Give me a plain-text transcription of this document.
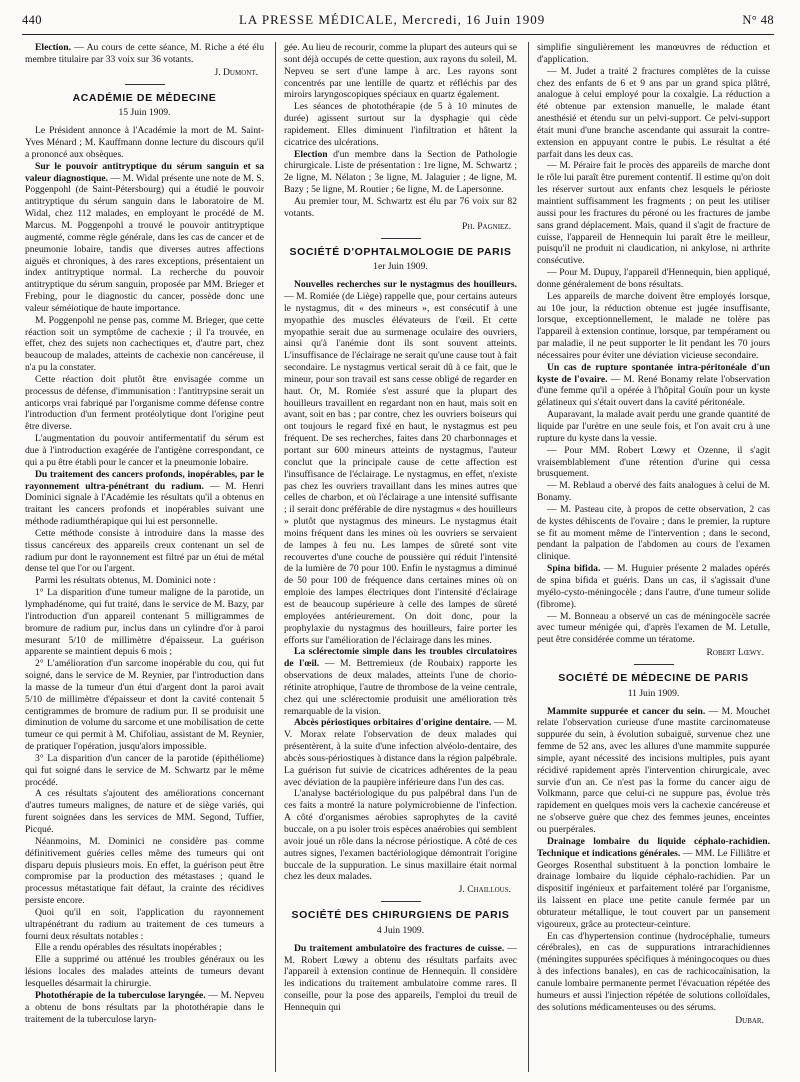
440	LA PRESSE MÉDICALE, Mercredi, 16 Juin 1909	N° 48

Election. — Au cours de cette séance, M. Riche a été élu membre titulaire par 33 voix sur 36 votants.

J. Dumont.
ACADÉMIE DE MÉDECINE
15 Juin 1909.

Le Président annonce à l'Académie la mort de M. Saint-Yves Ménard ; M. Kauffmann donne lecture du discours qu'il a prononcé aux obsèques.

Sur le pouvoir antitryptique du sérum sanguin et sa valeur diagnostique. — M. Widal présente une note de M. S. Poggenpohl (de Saint-Pétersbourg) qui a étudié le pouvoir antitryptique du sérum sanguin dans le laboratoire de M. Widal, chez 112 malades, en employant le procédé de M. Marcus. M. Poggenpohl a trouvé le pouvoir antitryptique augmenté, comme règle générale, dans les cas de cancer et de pneumonie lobaire, tandis que diverses autres affections aiguës et chroniques, à des rares exceptions, présentaient un index antitryptique normal. La recherche du pouvoir antitryptique du sérum sanguin, proposée par MM. Brieger et Frebing, pour le diagnostic du cancer, possède donc une valeur séméiotique de haute importance.

M. Poggenpohl ne pense pas, comme M. Brieger, que cette réaction soit un symptôme de cachexie ; il l'a trouvée, en effet, chez des sujets non cachectiques et, d'autre part, chez beaucoup de malades, atteints de cachexie non cancéreuse, il n'a pu la constater.

Cette réaction doit plutôt être envisagée comme un processus de défense, d'immunisation : l'antitrypsine serait un anticorps vrai fabriqué par l'organisme comme défense contre l'introduction d'un ferment protéolytique dont l'origine peut être diverse.

L'augmentation du pouvoir antifermentatif du sérum est due à l'introduction exagérée de l'antigène correspondant, ce qui a pu être établi pour le cancer et la pneumonie lobaire.

Du traitement des cancers profonds, inopérables, par le rayonnement ultra-pénétrant du radium. — M. Henri Dominici signale à l'Académie les résultats qu'il a obtenus en traitant les cancers profonds et inopérables suivant une méthode radiumthérapique qui lui est personnelle.

Cette méthode consiste à introduire dans la masse des tissus cancéreux des appareils creux contenant un sel de radium pur dont le rayonnement est filtré par un étui de métal dense tel que l'or ou l'argent.

Parmi les résultats obtenus, M. Dominici note :

1° La disparition d'une tumeur maligne de la parotide, un lymphadénome, qui fut traité, dans le service de M. Bazy, par l'introduction d'un appareil contenant 5 milligrammes de bromure de radium pur, inclus dans un cylindre d'or à paroi mesurant 5/10 de millimètre d'épaisseur. La guérison apparente se maintient depuis 6 mois ;

2° L'amélioration d'un sarcome inopérable du cou, qui fut soigné, dans le service de M. Reynier, par l'introduction dans la masse de la tumeur d'un étui d'argent dont la paroi avait 5/10 de millimètre d'épaisseur et dont la cavité contenait 5 centigrammes de bromure de radium pur. Il se produisit une diminution de volume du sarcome et une mobilisation de cette tumeur ce qui permit à M. Chifoliau, assistant de M. Reynier, de pratiquer l'opération, jusqu'alors impossible.

3° La disparition d'un cancer de la parotide (épithéliome) qui fut soigné dans le service de M. Schwartz par le même procédé.

A ces résultats s'ajoutent des améliorations concernant d'autres tumeurs malignes, de nature et de siège variés, qui furent soignées dans les services de MM. Segond, Tuffier, Picqué.

Néanmoins, M. Dominici ne considère pas comme définitivement guéries celles même des tumeurs qui ont disparu depuis plusieurs mois. En effet, la guérison peut être compromise par la production des métastases ; quand le processus métastatique fait défaut, la crainte des récidives persiste encore.

Quoi qu'il en soit, l'application du rayonnement ultrapénétrant du radium au traitement de ces tumeurs a fourni deux résultats notables :

Elle a rendu opérables des résultats inopérables ;

Elle a supprimé ou atténué les troubles généraux ou les lésions locales des malades atteints de tumeurs devant lesquelles désarmait la chirurgie.

Photothérapie de la tuberculose laryngée. — M. Nepveu a obtenu de bons résultats par la photothérapie dans le traitement de la tuberculose laryn-

gée. Au lieu de recourir, comme la plupart des auteurs qui se sont déjà occupés de cette question, aux rayons du soleil, M. Nepveu se sert d'une lampe à arc. Les rayons sont concentrés par une lentille de quartz et réfléchis par des miroirs laryngoscopiques spéciaux en quartz également.

Les séances de photothérapie (de 5 à 10 minutes de durée) agissent surtout sur la dysphagie qui cède rapidement. Elles diminuent l'infiltration et hâtent la cicatrice des ulcérations.

Election d'un membre dans la Section de Pathologie chirurgicale. Liste de présentation : 1re ligne, M. Schwartz ; 2e ligne, M. Nélaton ; 3e ligne, M. Jalaguier ; 4e ligne, M. Bazy ; 5e ligne, M. Routier ; 6e ligne, M. de Lapersonne.

Au premier tour, M. Schwartz est élu par 76 voix sur 82 votants.

Ph. Pagniez.
SOCIÉTÉ D'OPHTALMOLOGIE DE PARIS
1er Juin 1909.

Nouvelles recherches sur le nystagmus des houilleurs. — M. Romiée (de Liège) rappelle que, pour certains auteurs le nystagmus, dit « des mineurs », est consécutif à une myopathie des muscles élévateurs de l'œil. Et cette myopathie serait due au surmenage oculaire des ouvriers, ainsi qu'à l'anémie dont ils sont souvent atteints. L'insuffisance de l'éclairage ne serait qu'une cause tout à fait secondaire. Le nystagmus vertical serait dû à ce fait, que le mineur, pour son travail est sans cesse obligé de regarder en haut. Or, M. Romiée s'est assuré que la plupart des houilleurs travaillent en regardant non en haut, mais soit en avant, soit en bas ; par contre, chez les ouvriers boiseurs qui ont toujours le regard fixé en haut, le nystagmus est peu fréquent. De ses recherches, faites dans 20 charbonnages et portant sur 600 mineurs atteints de nystagmus, l'auteur conclut que la principale cause de cette affection est l'insuffisance de l'éclairage. Le nystagmus, en effet, n'existe pas chez les ouvriers travaillant dans les mines autres que celles de charbon, et où l'éclairage a une intensité suffisante ; il serait donc préférable de dire nystagmus « des houilleurs » plutôt que nystagmus des mineurs. Le nystagmus était moins fréquent dans les mines où les ouvriers se servaient de lampes à feu nu. Les lampes de sûreté sont vite recouvertes d'une couche de poussière qui réduit l'intensité de la lumière de 70 pour 100. Enfin le nystagmus a diminué de 50 pour 100 de fréquence dans certaines mines où on emploie des lampes électriques dont l'intensité d'éclairage est de beaucoup supérieure à celle des lampes de sûreté employées antérieurement. On doit donc, pour la prophylaxie du nystagmus des houilleurs, faire porter les efforts sur l'amélioration de l'éclairage dans les mines.

La sclérectomie simple dans les troubles circulatoires de l'œil. — M. Bettremieux (de Roubaix) rapporte les observations de deux malades, atteints l'une de chorio-rétinite atrophique, l'autre de thrombose de la veine centrale, chez qui une sclérectomie produisit une amélioration très remarquable de la vision.

Abcès périostiques orbitaires d'origine dentaire. — M. V. Morax relate l'observation de deux malades qui présentèrent, à la suite d'une infection alvéolo-dentaire, des abcès sous-périostiques à distance dans la région palpébrale. La guérison fut suivie de cicatrices adhérentes de la peau avec déviation de la paupière inférieure dans l'un des cas.

L'analyse bactériologique du pus palpébral dans l'un de ces faits a montré la nature polymicrobienne de l'infection. A côté d'organismes aérobies saprophytes de la cavité buccale, on a pu isoler trois espèces anaérobies qui semblent avoir joué un rôle dans la nécrose périostique. A côté de ces autres signes, l'examen bactériologique démontrait l'origine buccale de la suppuration. Le sinus maxillaire était normal chez les deux malades.

J. Chaillous.
SOCIÉTÉ DES CHIRURGIENS DE PARIS
4 Juin 1909.

Du traitement ambulatoire des fractures de cuisse. — M. Robert Lœwy a obtenu des résultats parfaits avec l'appareil à extension continue de Hennequin. Il considère les indications du traitement ambulatoire comme rares. Il conseille, pour la pose des appareils, l'emploi du treuil de Hennequin qui

simplifie singulièrement les manœuvres de réduction et d'application.

— M. Judet a traité 2 fractures complètes de la cuisse chez des enfants de 6 et 9 ans par un grand spica plâtré, analogue à celui employé pour la coxalgie. La réduction a été obtenue par extension manuelle, le malade étant anesthésié et étendu sur un pelvi-support. Ce pelvi-support était muni d'une branche ascendante qui assurait la contre-extension en appuyant contre le pubis. Le résultat a été parfait dans les deux cas.

— M. Péraire fait le procès des appareils de marche dont le rôle lui paraît être purement contentif. Il estime qu'on doit les réserver surtout aux enfants chez lesquels le périoste maintient suffisamment les fragments ; on peut les utiliser aussi pour les fractures du péroné ou les fractures de jambe sans grand déplacement. Mais, quand il s'agit de fracture de cuisse, l'appareil de Hennequin lui paraît être le meilleur, puisqu'il ne produit ni claudication, ni ankylose, ni arthrite consécutive.

— Pour M. Dupuy, l'appareil d'Hennequin, bien appliqué, donne généralement de bons résultats.

Les appareils de marche doivent être employés lorsque, au 10e jour, la réduction obtenue est jugée insuffisante, lorsque, exceptionnellement, le malade ne tolère pas l'appareil à extension continue, lorsque, par tempérament ou par maladie, il ne peut supporter le lit pendant les 70 jours nécessaires pour éviter une déviation vicieuse secondaire.

Un cas de rupture spontanée intra-péritonéale d'un kyste de l'ovaire. — M. René Bonamy relate l'observation d'une femme qu'il a opérée à l'hôpital Gouïn pour un kyste gélatineux qui s'était ouvert dans la cavité péritonéale.

Auparavant, la malade avait perdu une grande quantité de liquide par l'urètre en une seule fois, et l'on avait cru à une rupture du kyste dans la vessie.

— Pour MM. Robert Lœwy et Ozenne, il s'agit vraisemblablement d'une rétention d'urine qui cessa brusquement.

— M. Reblaud a obervé des faits analogues à celui de M. Bonamy.

— M. Pasteau cite, à propos de cette observation, 2 cas de kystes déhiscents de l'ovaire ; dans le premier, la rupture se fit au moment même de l'intervention ; dans le second, pendant la palpation de l'abdomen au cours de l'examen clinique.

Spina bifida. — M. Huguier présente 2 malades opérés de spina bifida et guéris. Dans un cas, il s'agissait d'une myélo-cysto-méningocèle ; dans l'autre, d'une tumeur solide (fibrome).

— M. Bonneau a observé un cas de méningocèle sacrée avec tumeur ménigée qui, d'après l'examen de M. Letulle, peut être considérée comme un tératome.

Robert Lœwy.
SOCIÉTÉ DE MÉDECINE DE PARIS
11 Juin 1909.

Mammite suppurée et cancer du sein. — M. Mouchet relate l'observation curieuse d'une mastite carcinomateuse suppurée du sein, à évolution subaiguë, survenue chez une femme de 52 ans, avec les allures d'une mammite suppurée simple, ayant nécessité des incisions multiples, puis ayant récidivé rapidement après l'intervention chirurgicale, avec survie d'un an. Ce n'est pas la forme du cancer aigu de Volkmann, parce que celui-ci ne suppure pas, évolue très rapidement en quelques mois vers la cachexie cancéreuse et ne s'observe guère que chez des femmes jeunes, enceintes ou puerpérales.

Drainage lombaire du liquide céphalo-rachidien. Technique et indications générales. — MM. Le Filliâtre et Georges Rosenthal substituent à la ponction lombaire le drainage lombaire du liquide céphalo-rachidien. Par un dispositif ingénieux et parfaitement toléré par l'organisme, ils laissent en place une petite canule fermée par un obturateur métallique, le tout couvert par un pansement vigoureux, grâce au protecteur-ceinture.

En cas d'hypertension continue (hydrocéphalie, tumeurs cérébrales), en cas de suppurations intrarachidiennes (méningites suppurées spécifiques à méningocoques ou dues à des infections banales), en cas de rachicocaïnisation, la canule lombaire permanente permet l'évacuation répétée des humeurs et aussi l'injection répétée de solutions colloïdales, des solutions médicamenteuses ou des sérums.

Dubar.
